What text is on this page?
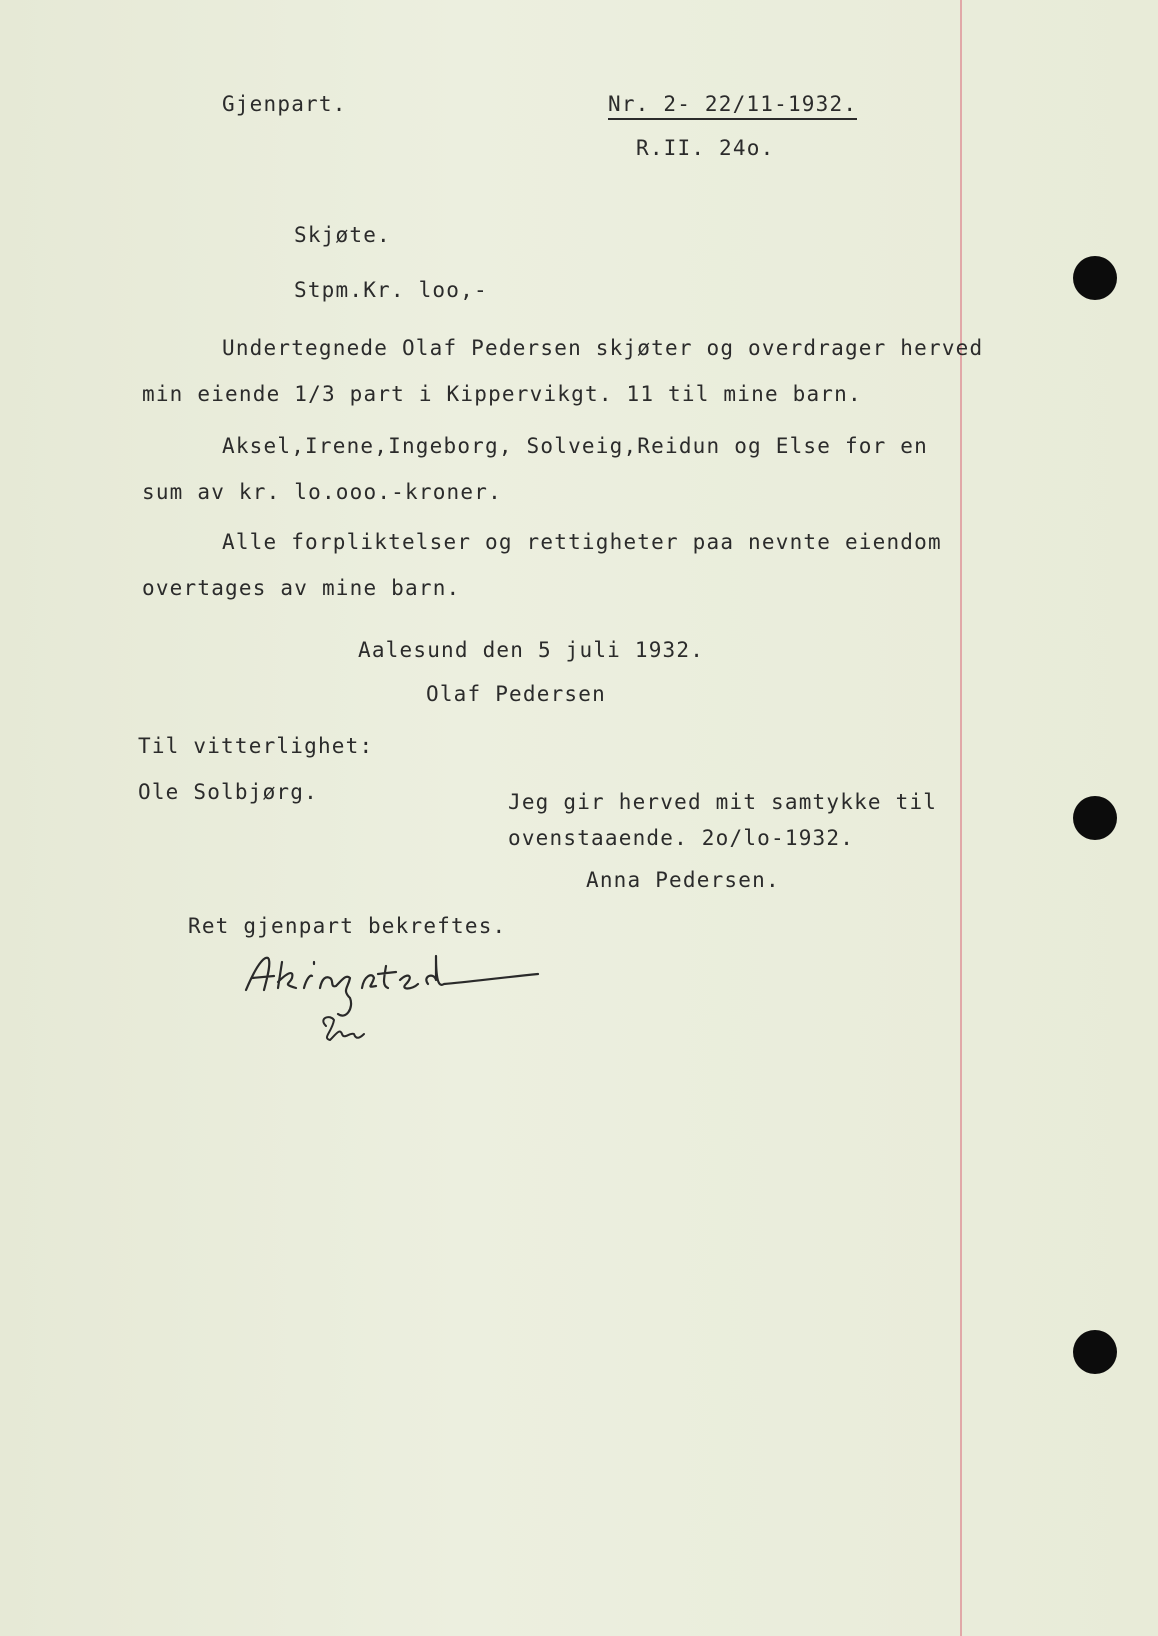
Gjenpart.	Nr. 2- 22/11-1932.
R.II. 24o.
Skjøte.
Stpm.Kr. loo,-
Undertegnede Olaf Pedersen skjøter og overdrager herved
min eiende 1/3 part i Kippervikgt. 11 til mine barn.
Aksel,Irene,Ingeborg, Solveig,Reidun og Else for en
sum av kr. lo.ooo.-kroner.
Alle forpliktelser og rettigheter paa nevnte eiendom
overtages av mine barn.
Aalesund den 5 juli 1932.
Olaf Pedersen
Til vitterlighet:
Ole Solbjørg.	Jeg gir herved mit samtykke til
ovenstaaende. 2o/lo-1932.
Anna Pedersen.
Ret gjenpart bekreftes.
